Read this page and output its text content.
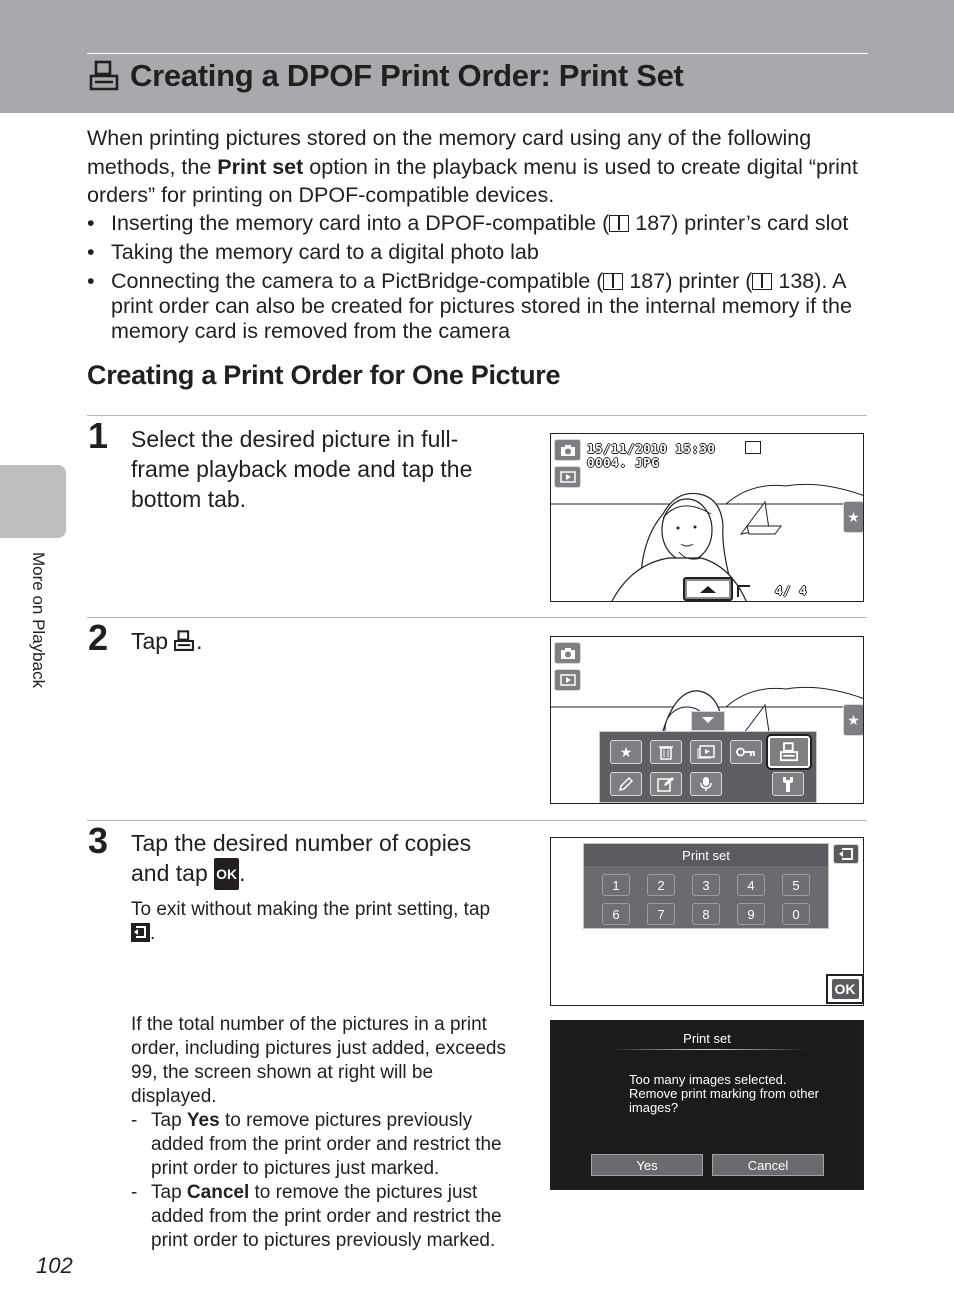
Creating a DPOF Print Order: Print Set

When printing pictures stored on the memory card using any of the following methods, the Print set option in the playback menu is used to create digital “print orders” for printing on DPOF-compatible devices.

• Inserting the memory card into a DPOF-compatible ( 187) printer’s card slot
• Taking the memory card to a digital photo lab
• Connecting the camera to a PictBridge-compatible ( 187) printer ( 138). A print order can also be created for pictures stored in the internal memory if the memory card is removed from the camera
Creating a Print Order for One Picture
1 Select the desired picture in full-frame playback mode and tap the bottom tab.
15/11/2010 15:30
0004. JPG
★
4/ 4
2 Tap .
★
★
3 Tap the desired number of copies and tap OK.
To exit without making the print setting, tap

.
Print set
1	2	3	4	5
6	7	8	9	0
OK

If the total number of the pictures in a print order, including pictures just added, exceeds 99, the screen shown at right will be displayed.

- Tap Yes to remove pictures previously added from the print order and restrict the print order to pictures just marked.
- Tap Cancel to remove the pictures just added from the print order and restrict the print order to pictures previously marked.
Print set
Too many images selected. Remove print marking from other images?
Yes	Cancel
More on Playback
102
